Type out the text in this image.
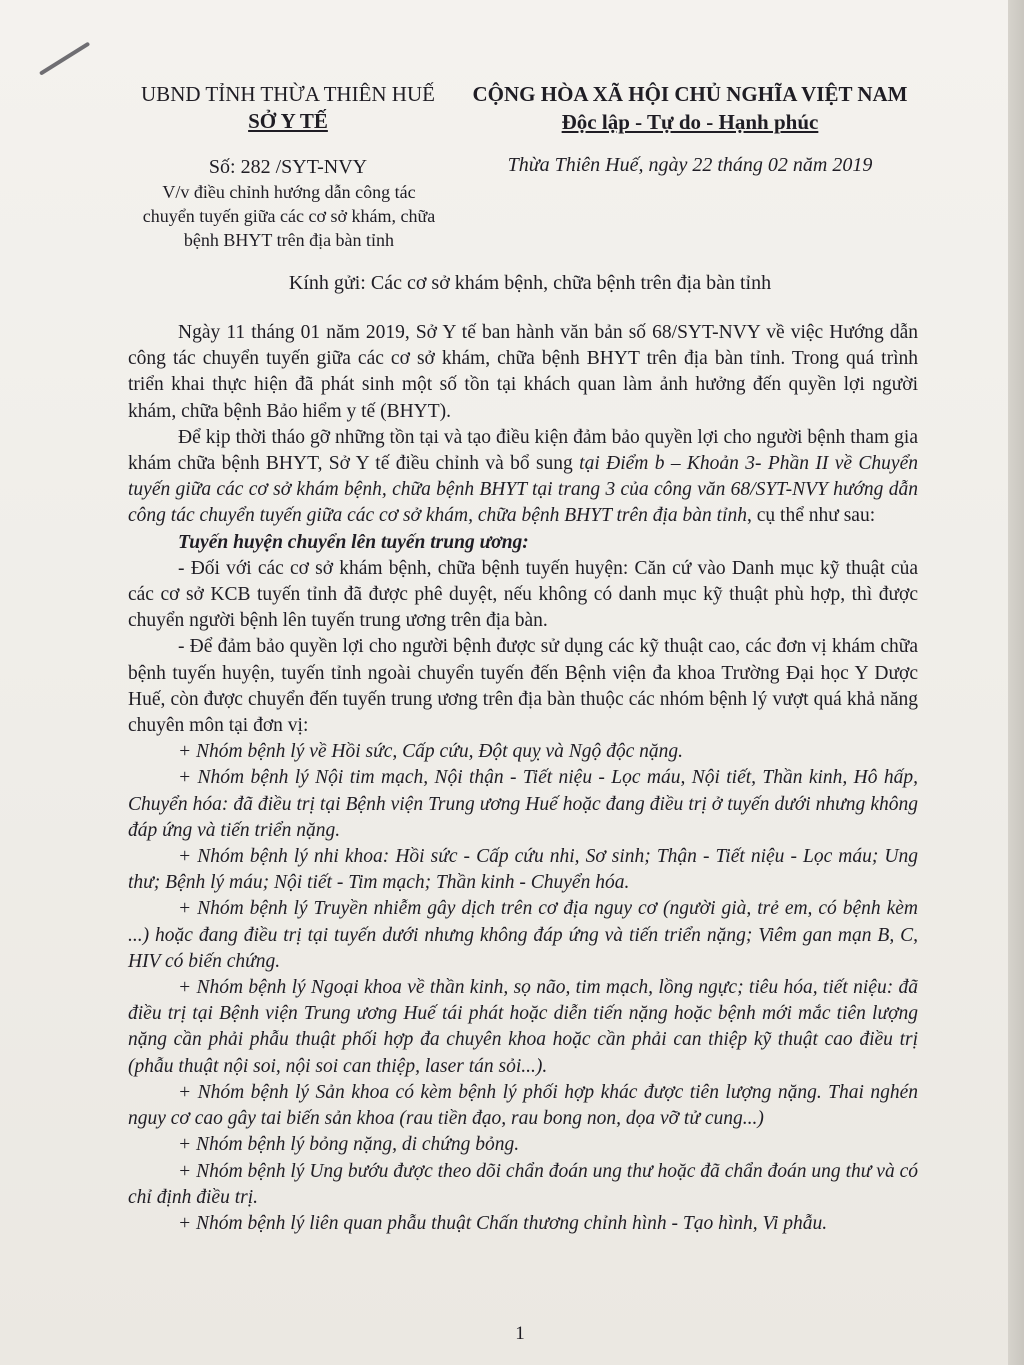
UBND TỈNH THỪA THIÊN HUẾ
SỞ Y TẾ
CỘNG HÒA XÃ HỘI CHỦ NGHĨA VIỆT NAM
Độc lập - Tự do - Hạnh phúc
Số: 282 /SYT-NVY
V/v điều chỉnh hướng dẫn công tác
chuyển tuyến giữa các cơ sở khám, chữa
bệnh BHYT trên địa bàn tỉnh
Thừa Thiên Huế, ngày 22 tháng 02 năm 2019
Kính gửi: Các cơ sở khám bệnh, chữa bệnh trên địa bàn tỉnh

Ngày 11 tháng 01 năm 2019, Sở Y tế ban hành văn bản số 68/SYT-NVY về việc Hướng dẫn công tác chuyển tuyến giữa các cơ sở khám, chữa bệnh BHYT trên địa bàn tỉnh. Trong quá trình triển khai thực hiện đã phát sinh một số tồn tại khách quan làm ảnh hưởng đến quyền lợi người khám, chữa bệnh Bảo hiểm y tế (BHYT).

Để kịp thời tháo gỡ những tồn tại và tạo điều kiện đảm bảo quyền lợi cho người bệnh tham gia khám chữa bệnh BHYT, Sở Y tế điều chỉnh và bổ sung tại Điểm b – Khoản 3- Phần II về Chuyển tuyến giữa các cơ sở khám bệnh, chữa bệnh BHYT tại trang 3 của công văn 68/SYT-NVY hướng dẫn công tác chuyển tuyến giữa các cơ sở khám, chữa bệnh BHYT trên địa bàn tỉnh, cụ thể như sau:

Tuyến huyện chuyển lên tuyến trung ương:

- Đối với các cơ sở khám bệnh, chữa bệnh tuyến huyện: Căn cứ vào Danh mục kỹ thuật của các cơ sở KCB tuyến tỉnh đã được phê duyệt, nếu không có danh mục kỹ thuật phù hợp, thì được chuyển người bệnh lên tuyến trung ương trên địa bàn.

- Để đảm bảo quyền lợi cho người bệnh được sử dụng các kỹ thuật cao, các đơn vị khám chữa bệnh tuyến huyện, tuyến tỉnh ngoài chuyển tuyến đến Bệnh viện đa khoa Trường Đại học Y Dược Huế, còn được chuyển đến tuyến trung ương trên địa bàn thuộc các nhóm bệnh lý vượt quá khả năng chuyên môn tại đơn vị:

+ Nhóm bệnh lý về Hồi sức, Cấp cứu, Đột quỵ và Ngộ độc nặng.

+ Nhóm bệnh lý Nội tim mạch, Nội thận - Tiết niệu - Lọc máu, Nội tiết, Thần kinh, Hô hấp, Chuyển hóa: đã điều trị tại Bệnh viện Trung ương Huế hoặc đang điều trị ở tuyến dưới nhưng không đáp ứng và tiến triển nặng.

+ Nhóm bệnh lý nhi khoa: Hồi sức - Cấp cứu nhi, Sơ sinh; Thận - Tiết niệu - Lọc máu; Ung thư; Bệnh lý máu; Nội tiết - Tim mạch; Thần kinh - Chuyển hóa.

+ Nhóm bệnh lý Truyền nhiễm gây dịch trên cơ địa nguy cơ (người già, trẻ em, có bệnh kèm ...) hoặc đang điều trị tại tuyến dưới nhưng không đáp ứng và tiến triển nặng; Viêm gan mạn B, C, HIV có biến chứng.

+ Nhóm bệnh lý Ngoại khoa về thần kinh, sọ não, tim mạch, lồng ngực; tiêu hóa, tiết niệu: đã điều trị tại Bệnh viện Trung ương Huế tái phát hoặc diễn tiến nặng hoặc bệnh mới mắc tiên lượng nặng cần phải phẫu thuật phối hợp đa chuyên khoa hoặc cần phải can thiệp kỹ thuật cao điều trị (phẫu thuật nội soi, nội soi can thiệp, laser tán sỏi...).

+ Nhóm bệnh lý Sản khoa có kèm bệnh lý phối hợp khác được tiên lượng nặng. Thai nghén nguy cơ cao gây tai biến sản khoa (rau tiền đạo, rau bong non, dọa vỡ tử cung...)

+ Nhóm bệnh lý bỏng nặng, di chứng bỏng.

+ Nhóm bệnh lý Ung bướu được theo dõi chẩn đoán ung thư hoặc đã chẩn đoán ung thư và có chỉ định điều trị.

+ Nhóm bệnh lý liên quan phẫu thuật Chấn thương chỉnh hình - Tạo hình, Vi phẫu.

1
